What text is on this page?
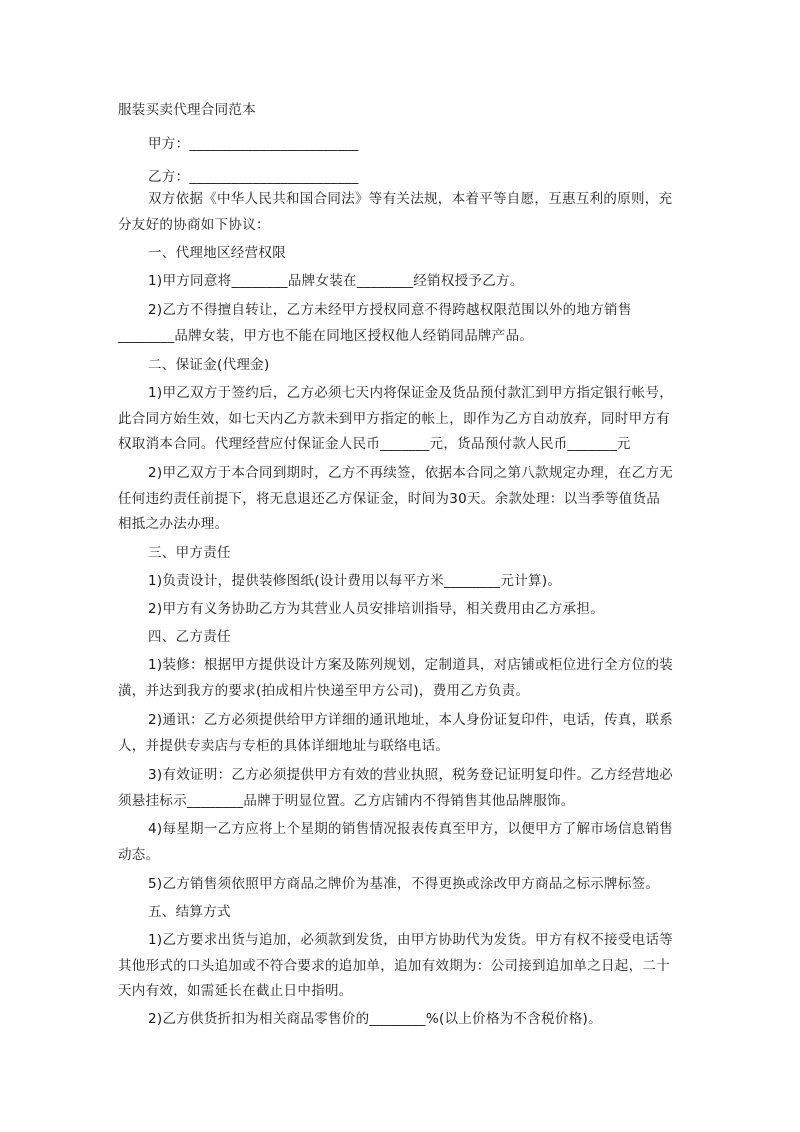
服装买卖代理合同范本
甲方：________________________
乙方：________________________
双方依据《中华人民共和国合同法》等有关法规，本着平等自愿，互惠互利的原则，充
分友好的协商如下协议：
一、代理地区经营权限
1)甲方同意将________品牌女装在________经销权授予乙方。
2)乙方不得擅自转让，乙方未经甲方授权同意不得跨越权限范围以外的地方销售
________品牌女装，甲方也不能在同地区授权他人经销同品牌产品。
二、保证金(代理金)
1)甲乙双方于签约后，乙方必须七天内将保证金及货品预付款汇到甲方指定银行帐号，
此合同方始生效，如七天内乙方款未到甲方指定的帐上，即作为乙方自动放弃，同时甲方有
权取消本合同。代理经营应付保证金人民币_______元，货品预付款人民币_______元
2)甲乙双方于本合同到期时，乙方不再续签，依据本合同之第八款规定办理，在乙方无
任何违约责任前提下，将无息退还乙方保证金，时间为30天。余款处理：以当季等值货品
相抵之办法办理。
三、甲方责任
1)负责设计，提供装修图纸(设计费用以每平方米________元计算)。
2)甲方有义务协助乙方为其营业人员安排培训指导，相关费用由乙方承担。
四、乙方责任
1)装修：根据甲方提供设计方案及陈列规划，定制道具，对店铺或柜位进行全方位的装
潢，并达到我方的要求(拍成相片快递至甲方公司)，费用乙方负责。
2)通讯：乙方必须提供给甲方详细的通讯地址，本人身份证复印件，电话，传真，联系
人，并提供专卖店与专柜的具体详细地址与联络电话。
3)有效证明：乙方必须提供甲方有效的营业执照，税务登记证明复印件。乙方经营地必
须悬挂标示________品牌于明显位置。乙方店铺内不得销售其他品牌服饰。
4)每星期一乙方应将上个星期的销售情况报表传真至甲方，以便甲方了解市场信息销售
动态。
5)乙方销售须依照甲方商品之牌价为基准，不得更换或涂改甲方商品之标示牌标签。
五、结算方式
1)乙方要求出货与追加，必须款到发货，由甲方协助代为发货。甲方有权不接受电话等
其他形式的口头追加或不符合要求的追加单，追加有效期为：公司接到追加单之日起，二十
天内有效，如需延长在截止日中指明。
2)乙方供货折扣为相关商品零售价的________%(以上价格为不含税价格)。
